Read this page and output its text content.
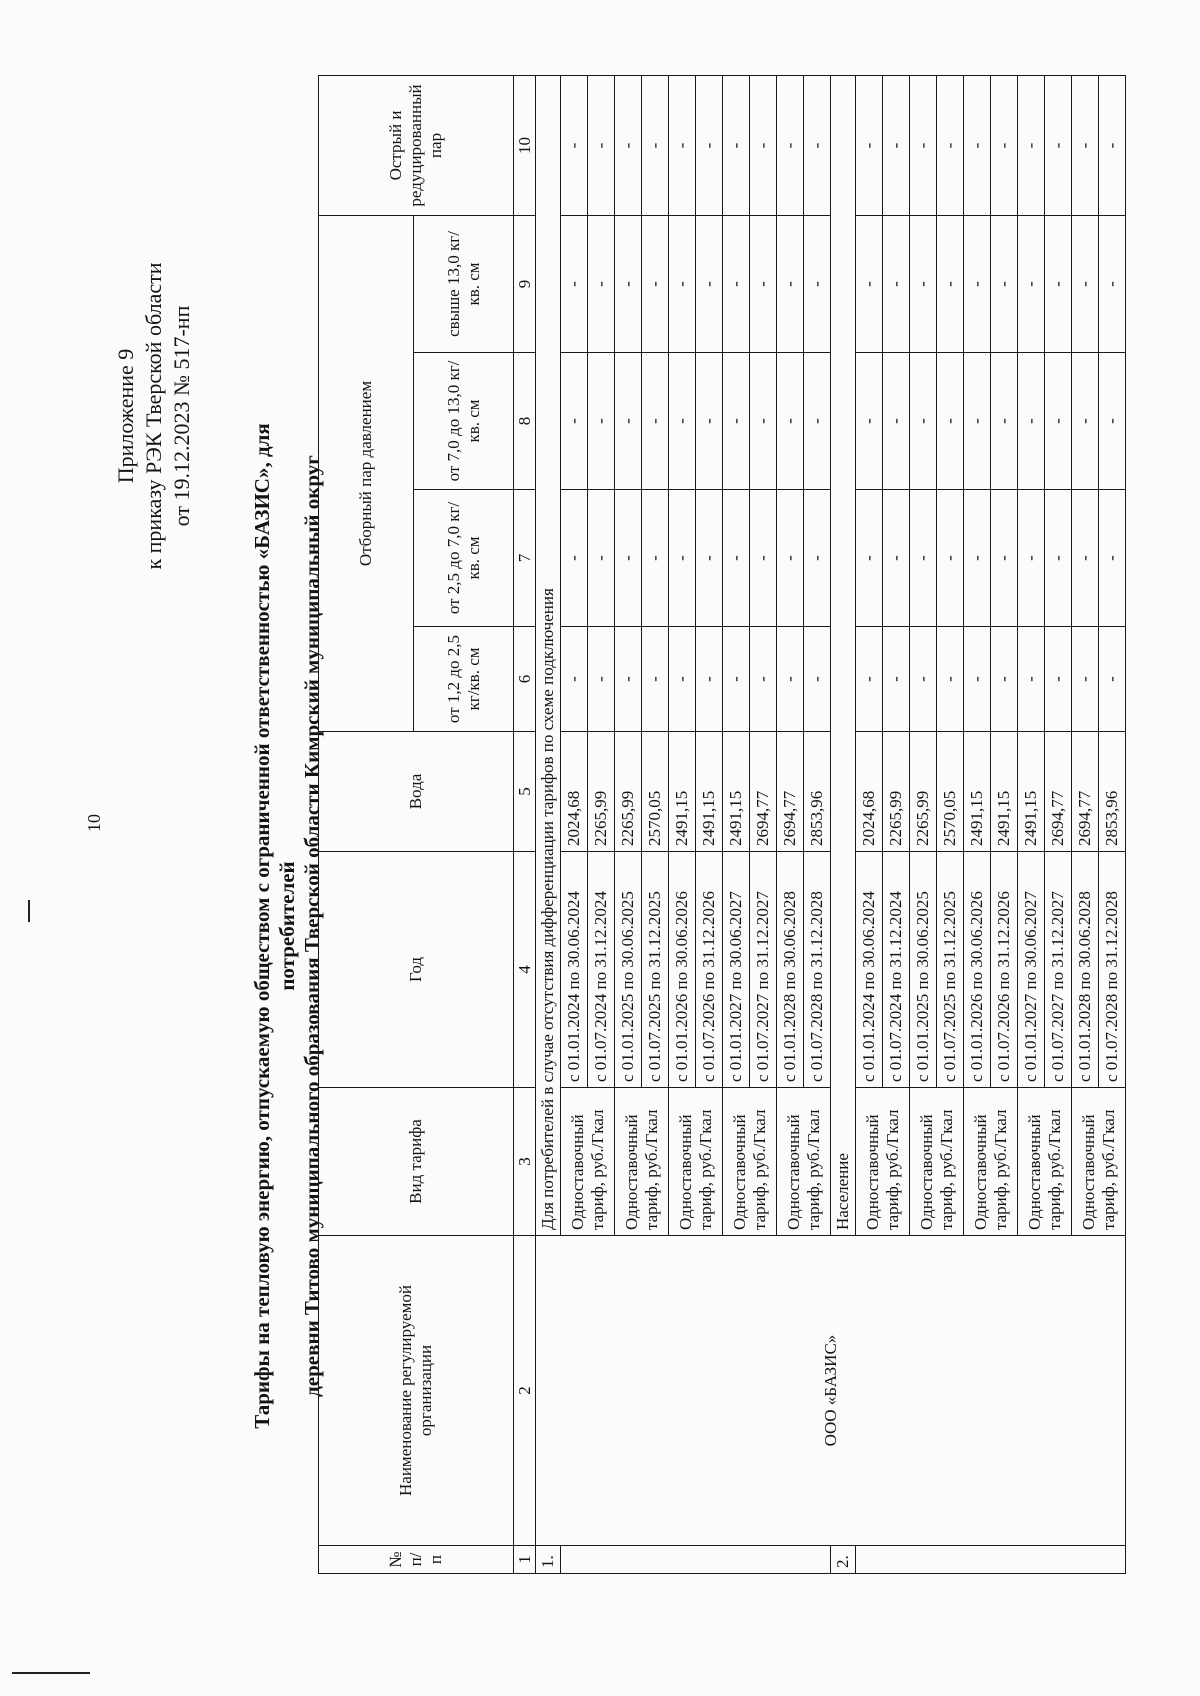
10
Приложение 9 к приказу РЭК Тверской области от 19.12.2023 № 517-нп
Тарифы на тепловую энергию, отпускаемую обществом с ограниченной ответственностью «БАЗИС», для потребителей деревни Титово муниципального образования Тверской области Кимрский муниципальный округ
№ п/п	Наименование регулируемой организации	Вид тарифа	Год	Вода	Отборный пар давлением				Острый и редуцированный пар
					от 1,2 до 2,5 кг/кв. см	от 2,5 до 7,0 кг/кв. см	от 7,0 до 13,0 кг/кв. см	свыше 13,0 кг/кв. см	
1	2	3	4	5	6	7	8	9	10
1.	ООО «БАЗИС»	Для потребителей в случае отсутствия дифференциации тарифов по схеме подключения							
		Одноставочный тариф, руб./Гкал	с 01.01.2024 по 30.06.2024	2024,68	-	-	-	-	-
			с 01.07.2024 по 31.12.2024	2265,99	-	-	-	-	-
		Одноставочный тариф, руб./Гкал	с 01.01.2025 по 30.06.2025	2265,99	-	-	-	-	-
			с 01.07.2025 по 31.12.2025	2570,05	-	-	-	-	-
		Одноставочный тариф, руб./Гкал	с 01.01.2026 по 30.06.2026	2491,15	-	-	-	-	-
			с 01.07.2026 по 31.12.2026	2491,15	-	-	-	-	-
		Одноставочный тариф, руб./Гкал	с 01.01.2027 по 30.06.2027	2491,15	-	-	-	-	-
			с 01.07.2027 по 31.12.2027	2694,77	-	-	-	-	-
		Одноставочный тариф, руб./Гкал	с 01.01.2028 по 30.06.2028	2694,77	-	-	-	-	-
			с 01.07.2028 по 31.12.2028	2853,96	-	-	-	-	-
2.		Население							
		Одноставочный тариф, руб./Гкал	с 01.01.2024 по 30.06.2024	2024,68	-	-	-	-	-
			с 01.07.2024 по 31.12.2024	2265,99	-	-	-	-	-
		Одноставочный тариф, руб./Гкал	с 01.01.2025 по 30.06.2025	2265,99	-	-	-	-	-
			с 01.07.2025 по 31.12.2025	2570,05	-	-	-	-	-
		Одноставочный тариф, руб./Гкал	с 01.01.2026 по 30.06.2026	2491,15	-	-	-	-	-
			с 01.07.2026 по 31.12.2026	2491,15	-	-	-	-	-
		Одноставочный тариф, руб./Гкал	с 01.01.2027 по 30.06.2027	2491,15	-	-	-	-	-
			с 01.07.2027 по 31.12.2027	2694,77	-	-	-	-	-
		Одноставочный тариф, руб./Гкал	с 01.01.2028 по 30.06.2028	2694,77	-	-	-	-	-
			с 01.07.2028 по 31.12.2028	2853,96	-	-	-	-	-
